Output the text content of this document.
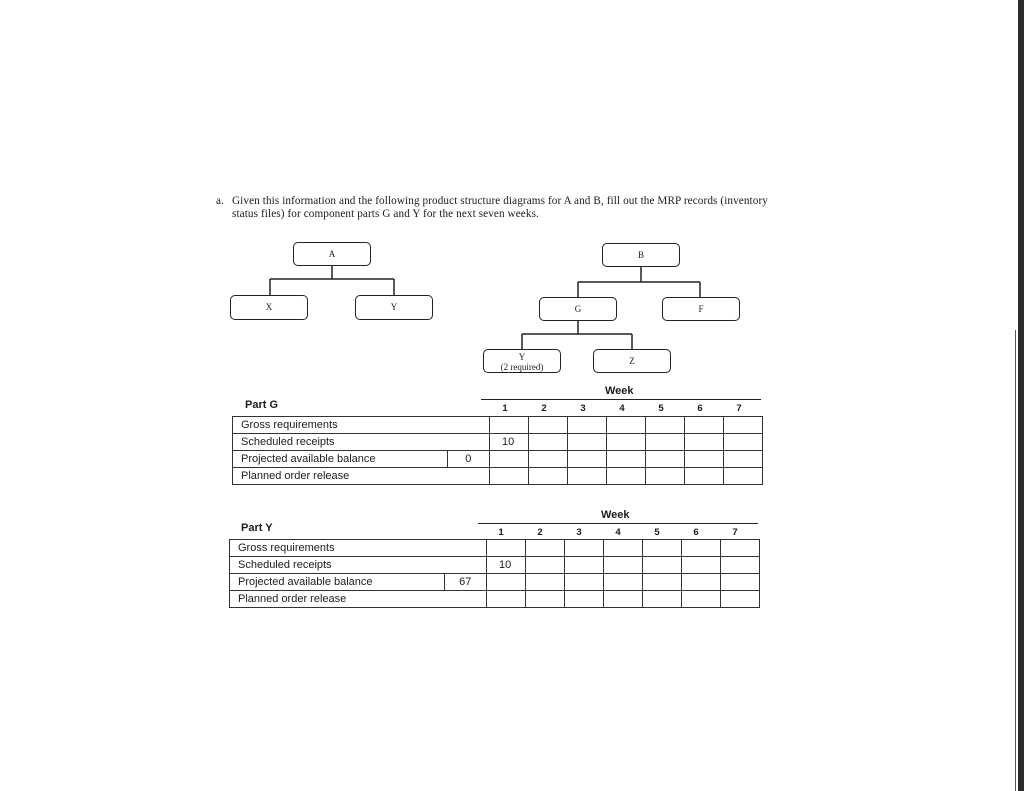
a. Given this information and the following product structure diagrams for A and B, fill out the MRP records (inventory status files) for component parts G and Y for the next seven weeks.
A
X	Y
B
G	F
Y
(2 required)
Z
Part G
Week
1	2	3	4	5	6	7
Gross requirements								
Scheduled receipts		10						
Projected available balance	0							
Planned order release								
Part Y
Week
1	2	3	4	5	6	7
Gross requirements								
Scheduled receipts		10						
Projected available balance	67							
Planned order release								
